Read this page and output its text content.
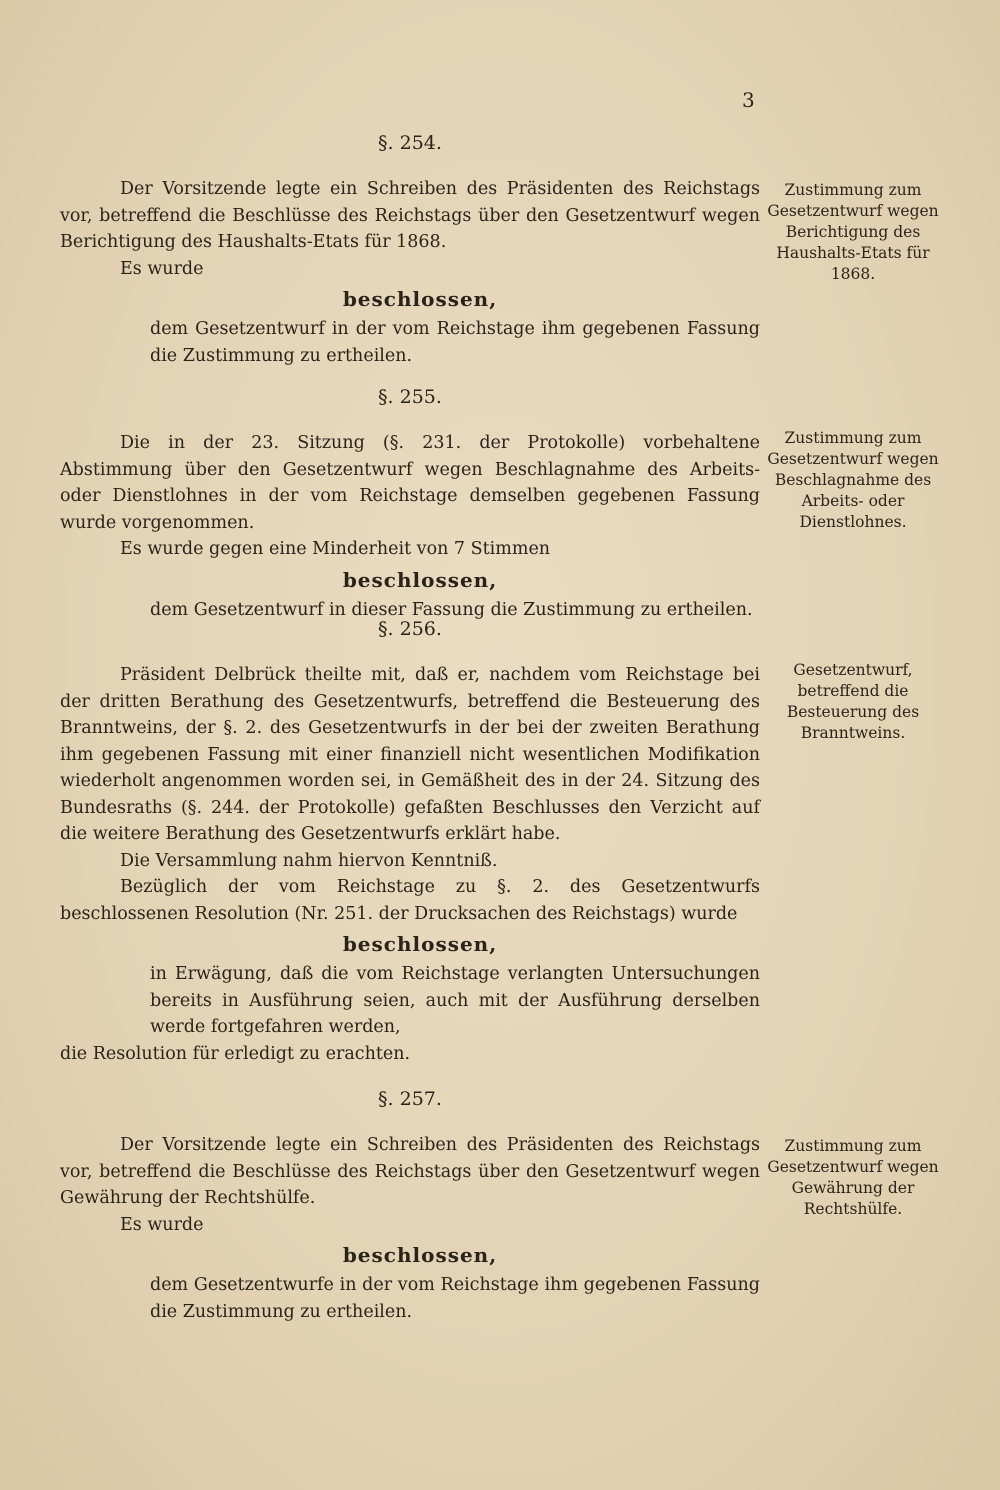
3
§. 254.

Der Vorsitzende legte ein Schreiben des Präsidenten des Reichstags vor, betreffend die Beschlüsse des Reichstags über den Gesetzentwurf wegen Berichtigung des Haushalts-Etats für 1868.

Es wurde

beschlossen,

dem Gesetzentwurf in der vom Reichstage ihm gegebenen Fassung die Zustimmung zu ertheilen.

Zustimmung zum Gesetzentwurf wegen Berichtigung des Haushalts-Etats für 1868.
§. 255.

Die in der 23. Sitzung (§. 231. der Protokolle) vorbehaltene Abstimmung über den Gesetzentwurf wegen Beschlagnahme des Arbeits- oder Dienstlohnes in der vom Reichstage demselben gegebenen Fassung wurde vorgenommen.

Es wurde gegen eine Minderheit von 7 Stimmen

beschlossen,

dem Gesetzentwurf in dieser Fassung die Zustimmung zu ertheilen.

Zustimmung zum Gesetzentwurf wegen Beschlagnahme des Arbeits- oder Dienstlohnes.
§. 256.

Präsident Delbrück theilte mit, daß er, nachdem vom Reichstage bei der dritten Berathung des Gesetzentwurfs, betreffend die Besteuerung des Branntweins, der §. 2. des Gesetzentwurfs in der bei der zweiten Berathung ihm gegebenen Fassung mit einer finanziell nicht wesentlichen Modifikation wiederholt angenommen worden sei, in Gemäßheit des in der 24. Sitzung des Bundesraths (§. 244. der Protokolle) gefaßten Beschlusses den Verzicht auf die weitere Berathung des Gesetzentwurfs erklärt habe.

Die Versammlung nahm hiervon Kenntniß.

Bezüglich der vom Reichstage zu §. 2. des Gesetzentwurfs beschlossenen Resolution (Nr. 251. der Drucksachen des Reichstags) wurde

beschlossen,

in Erwägung, daß die vom Reichstage verlangten Untersuchungen bereits in Ausführung seien, auch mit der Ausführung derselben werde fortgefahren werden,

die Resolution für erledigt zu erachten.

Gesetzentwurf, betreffend die Besteuerung des Branntweins.
§. 257.

Der Vorsitzende legte ein Schreiben des Präsidenten des Reichstags vor, betreffend die Beschlüsse des Reichstags über den Gesetzentwurf wegen Gewährung der Rechtshülfe.

Es wurde

beschlossen,

dem Gesetzentwurfe in der vom Reichstage ihm gegebenen Fassung die Zustimmung zu ertheilen.

Zustimmung zum Gesetzentwurf wegen Gewährung der Rechtshülfe.
